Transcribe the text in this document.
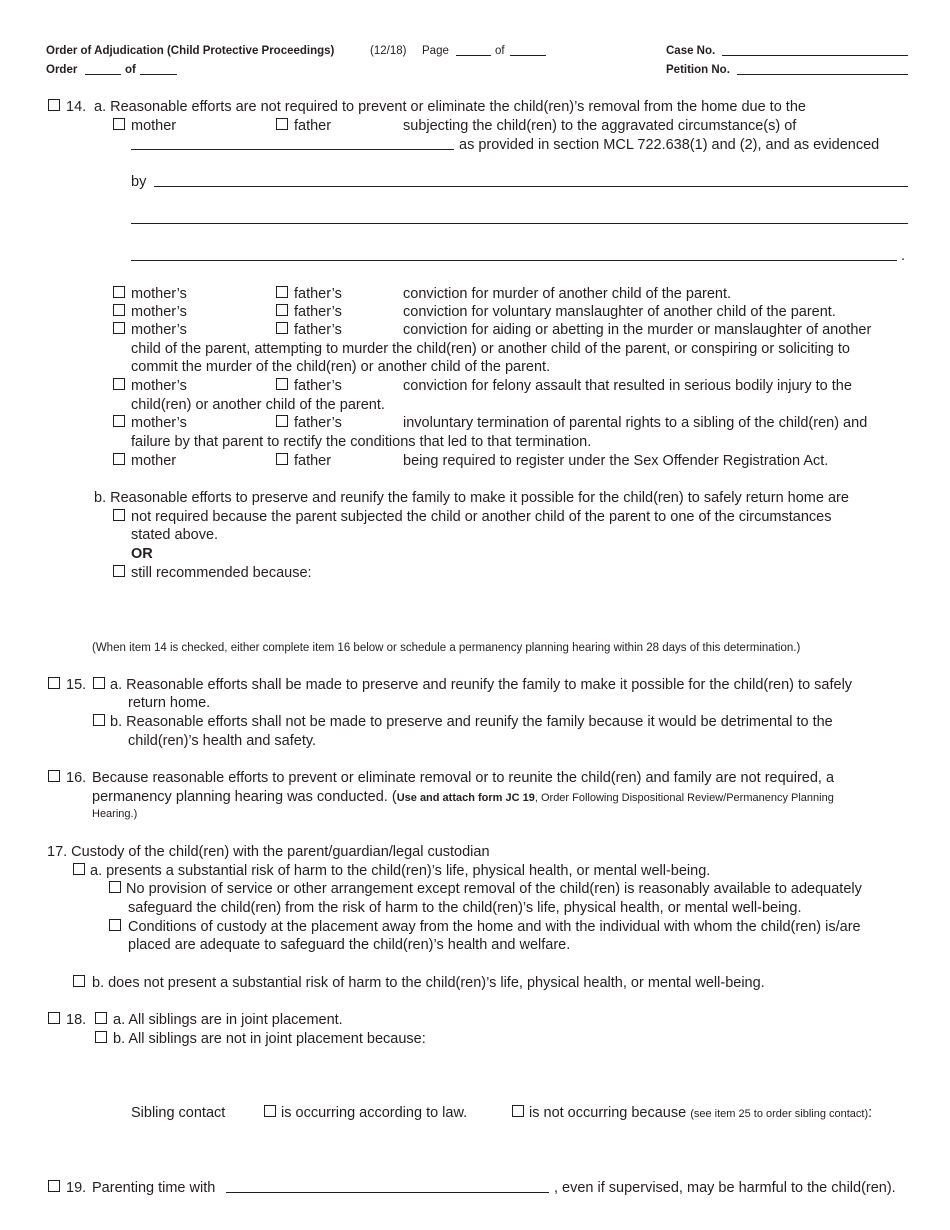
Order of Adjudication (Child Protective Proceedings)	(12/18) Page	of	Case No.
Order	of	Petition No.
14. a. Reasonable efforts are not required to prevent or eliminate the child(ren)’s removal from the home due to the
mother	father	subjecting the child(ren) to the aggravated circumstance(s) of
as provided in section MCL 722.638(1) and (2), and as evidenced
by
.
mother’s	father’s	conviction for murder of another child of the parent.
mother’s	father’s	conviction for voluntary manslaughter of another child of the parent.
mother’s	father’s	conviction for aiding or abetting in the murder or manslaughter of another
child of the parent, attempting to murder the child(ren) or another child of the parent, or conspiring or soliciting to
commit the murder of the child(ren) or another child of the parent.
mother’s	father’s	conviction for felony assault that resulted in serious bodily injury to the
child(ren) or another child of the parent.
mother’s	father’s	involuntary termination of parental rights to a sibling of the child(ren) and
failure by that parent to rectify the conditions that led to that termination.
mother	father	being required to register under the Sex Offender Registration Act.
b. Reasonable efforts to preserve and reunify the family to make it possible for the child(ren) to safely return home are
not required because the parent subjected the child or another child of the parent to one of the circumstances
stated above.
OR
still recommended because:
(When item 14 is checked, either complete item 16 below or schedule a permanency planning hearing within 28 days of this determination.)
15. a. Reasonable efforts shall be made to preserve and reunify the family to make it possible for the child(ren) to safely
return home.
b. Reasonable efforts shall not be made to preserve and reunify the family because it would be detrimental to the
child(ren)’s health and safety.
16. Because reasonable efforts to prevent or eliminate removal or to reunite the child(ren) and family are not required, a
permanency planning hearing was conducted. (Use and attach form JC 19, Order Following Dispositional Review/Permanency Planning
Hearing.)
17. Custody of the child(ren) with the parent/guardian/legal custodian
a. presents a substantial risk of harm to the child(ren)’s life, physical health, or mental well-being.
No provision of service or other arrangement except removal of the child(ren) is reasonably available to adequately
safeguard the child(ren) from the risk of harm to the child(ren)’s life, physical health, or mental well-being.
Conditions of custody at the placement away from the home and with the individual with whom the child(ren) is/are
placed are adequate to safeguard the child(ren)’s health and welfare.
b. does not present a substantial risk of harm to the child(ren)’s life, physical health, or mental well-being.
18. a. All siblings are in joint placement.
b. All siblings are not in joint placement because:
Sibling contact	is occurring according to law.	is not occurring because (see item 25 to order sibling contact):
19. Parenting time with	, even if supervised, may be harmful to the child(ren).
